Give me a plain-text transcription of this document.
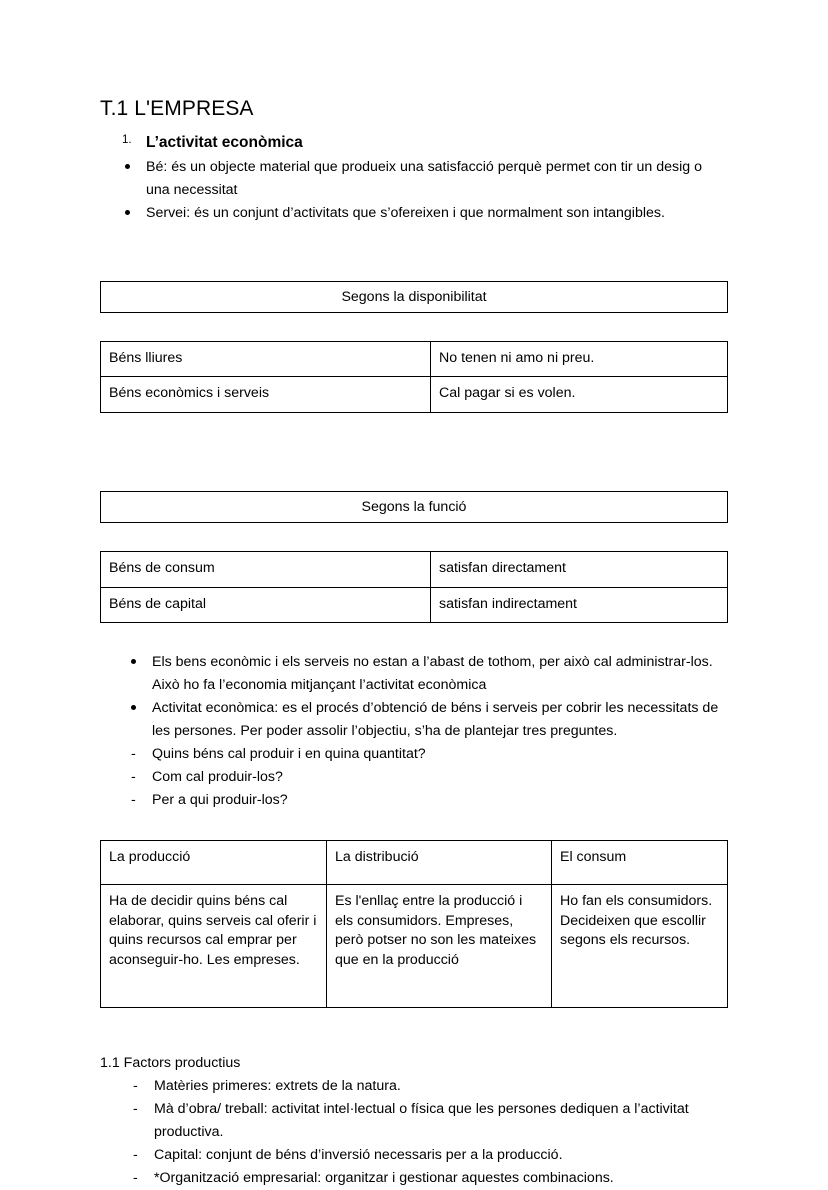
T.1 L'EMPRESA
1. L’activitat econòmica
Bé: és un objecte material que produeix una satisfacció perquè permet con tir un desig o una necessitat
Servei: és un conjunt d’activitats que s’ofereixen i que normalment son intangibles.
Segons la disponibilitat
Béns lliures	No tenen ni amo ni preu.
Béns econòmics i serveis	Cal pagar si es volen.
Segons la funció
Béns de consum	satisfan directament
Béns de capital	satisfan indirectament
Els bens econòmic i els serveis no estan a l’abast de tothom, per això cal administrar-los. Això ho fa l’economia mitjançant l’activitat econòmica
Activitat econòmica: es el procés d’obtenció de béns i serveis per cobrir les necessitats de les persones. Per poder assolir l’objectiu, s’ha de plantejar tres preguntes.
- Quins béns cal produir i en quina quantitat?
- Com cal produir-los?
- Per a qui produir-los?
La producció	La distribució	El consum
Ha de decidir quins béns cal elaborar, quins serveis cal oferir i quins recursos cal emprar per aconseguir-ho. Les empreses.	Es l'enllaç entre la producció i els consumidors. Empreses, però potser no son les mateixes que en la producció	Ho fan els consumidors. Decideixen que escollir segons els recursos.

1.1 Factors productius

- Matèries primeres: extrets de la natura.
- Mà d’obra/ treball: activitat intel·lectual o física que les persones dediquen a l’activitat productiva.
- Capital: conjunt de béns d’inversió necessaris per a la producció.
- *Organització empresarial: organitzar i gestionar aquestes combinacions.
